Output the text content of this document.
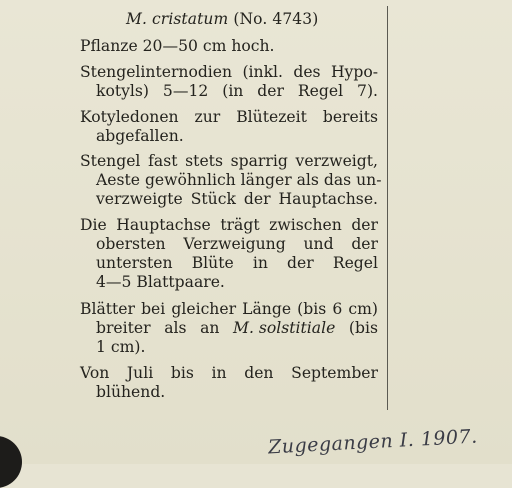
M. cristatum (No. 4743)
Pflanze 20—50 cm hoch.
Stengelinternodien (inkl. des Hypo-
kotyls) 5—12 (in der Regel 7).
Kotyledonen zur Blütezeit bereits
abgefallen.
Stengel fast stets sparrig verzweigt,
Aeste gewöhnlich länger als das un-
verzweigte Stück der Hauptachse.
Die Hauptachse trägt zwischen der
obersten Verzweigung und der
untersten Blüte in der Regel
4—5 Blattpaare.
Blätter bei gleicher Länge (bis 6 cm)
breiter als an M. solstitiale (bis
1 cm).
Von Juli bis in den September
blühend.
Zugegangen I. 1907.
